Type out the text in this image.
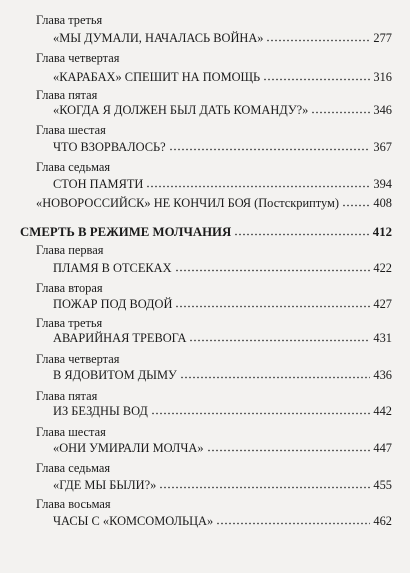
Глава третья
«МЫ ДУМАЛИ, НАЧАЛАСЬ ВОЙНА»	277
Глава четвертая
«КАРАБАХ» СПЕШИТ НА ПОМОЩЬ	316
Глава пятая
«КОГДА Я ДОЛЖЕН БЫЛ ДАТЬ КОМАНДУ?»	346
Глава шестая
ЧТО ВЗОРВАЛОСЬ?	367
Глава седьмая
СТОН ПАМЯТИ	394
«НОВОРОССИЙСК» НЕ КОНЧИЛ БОЯ (Постскриптум)	408
СМЕРТЬ В РЕЖИМЕ МОЛЧАНИЯ	412
Глава первая
ПЛАМЯ В ОТСЕКАХ	422
Глава вторая
ПОЖАР ПОД ВОДОЙ	427
Глава третья
АВАРИЙНАЯ ТРЕВОГА	431
Глава четвертая
В ЯДОВИТОМ ДЫМУ	436
Глава пятая
ИЗ БЕЗДНЫ ВОД	442
Глава шестая
«ОНИ УМИРАЛИ МОЛЧА»	447
Глава седьмая
«ГДЕ МЫ БЫЛИ?»	455
Глава восьмая
ЧАСЫ С «КОМСОМОЛЬЦА»	462
